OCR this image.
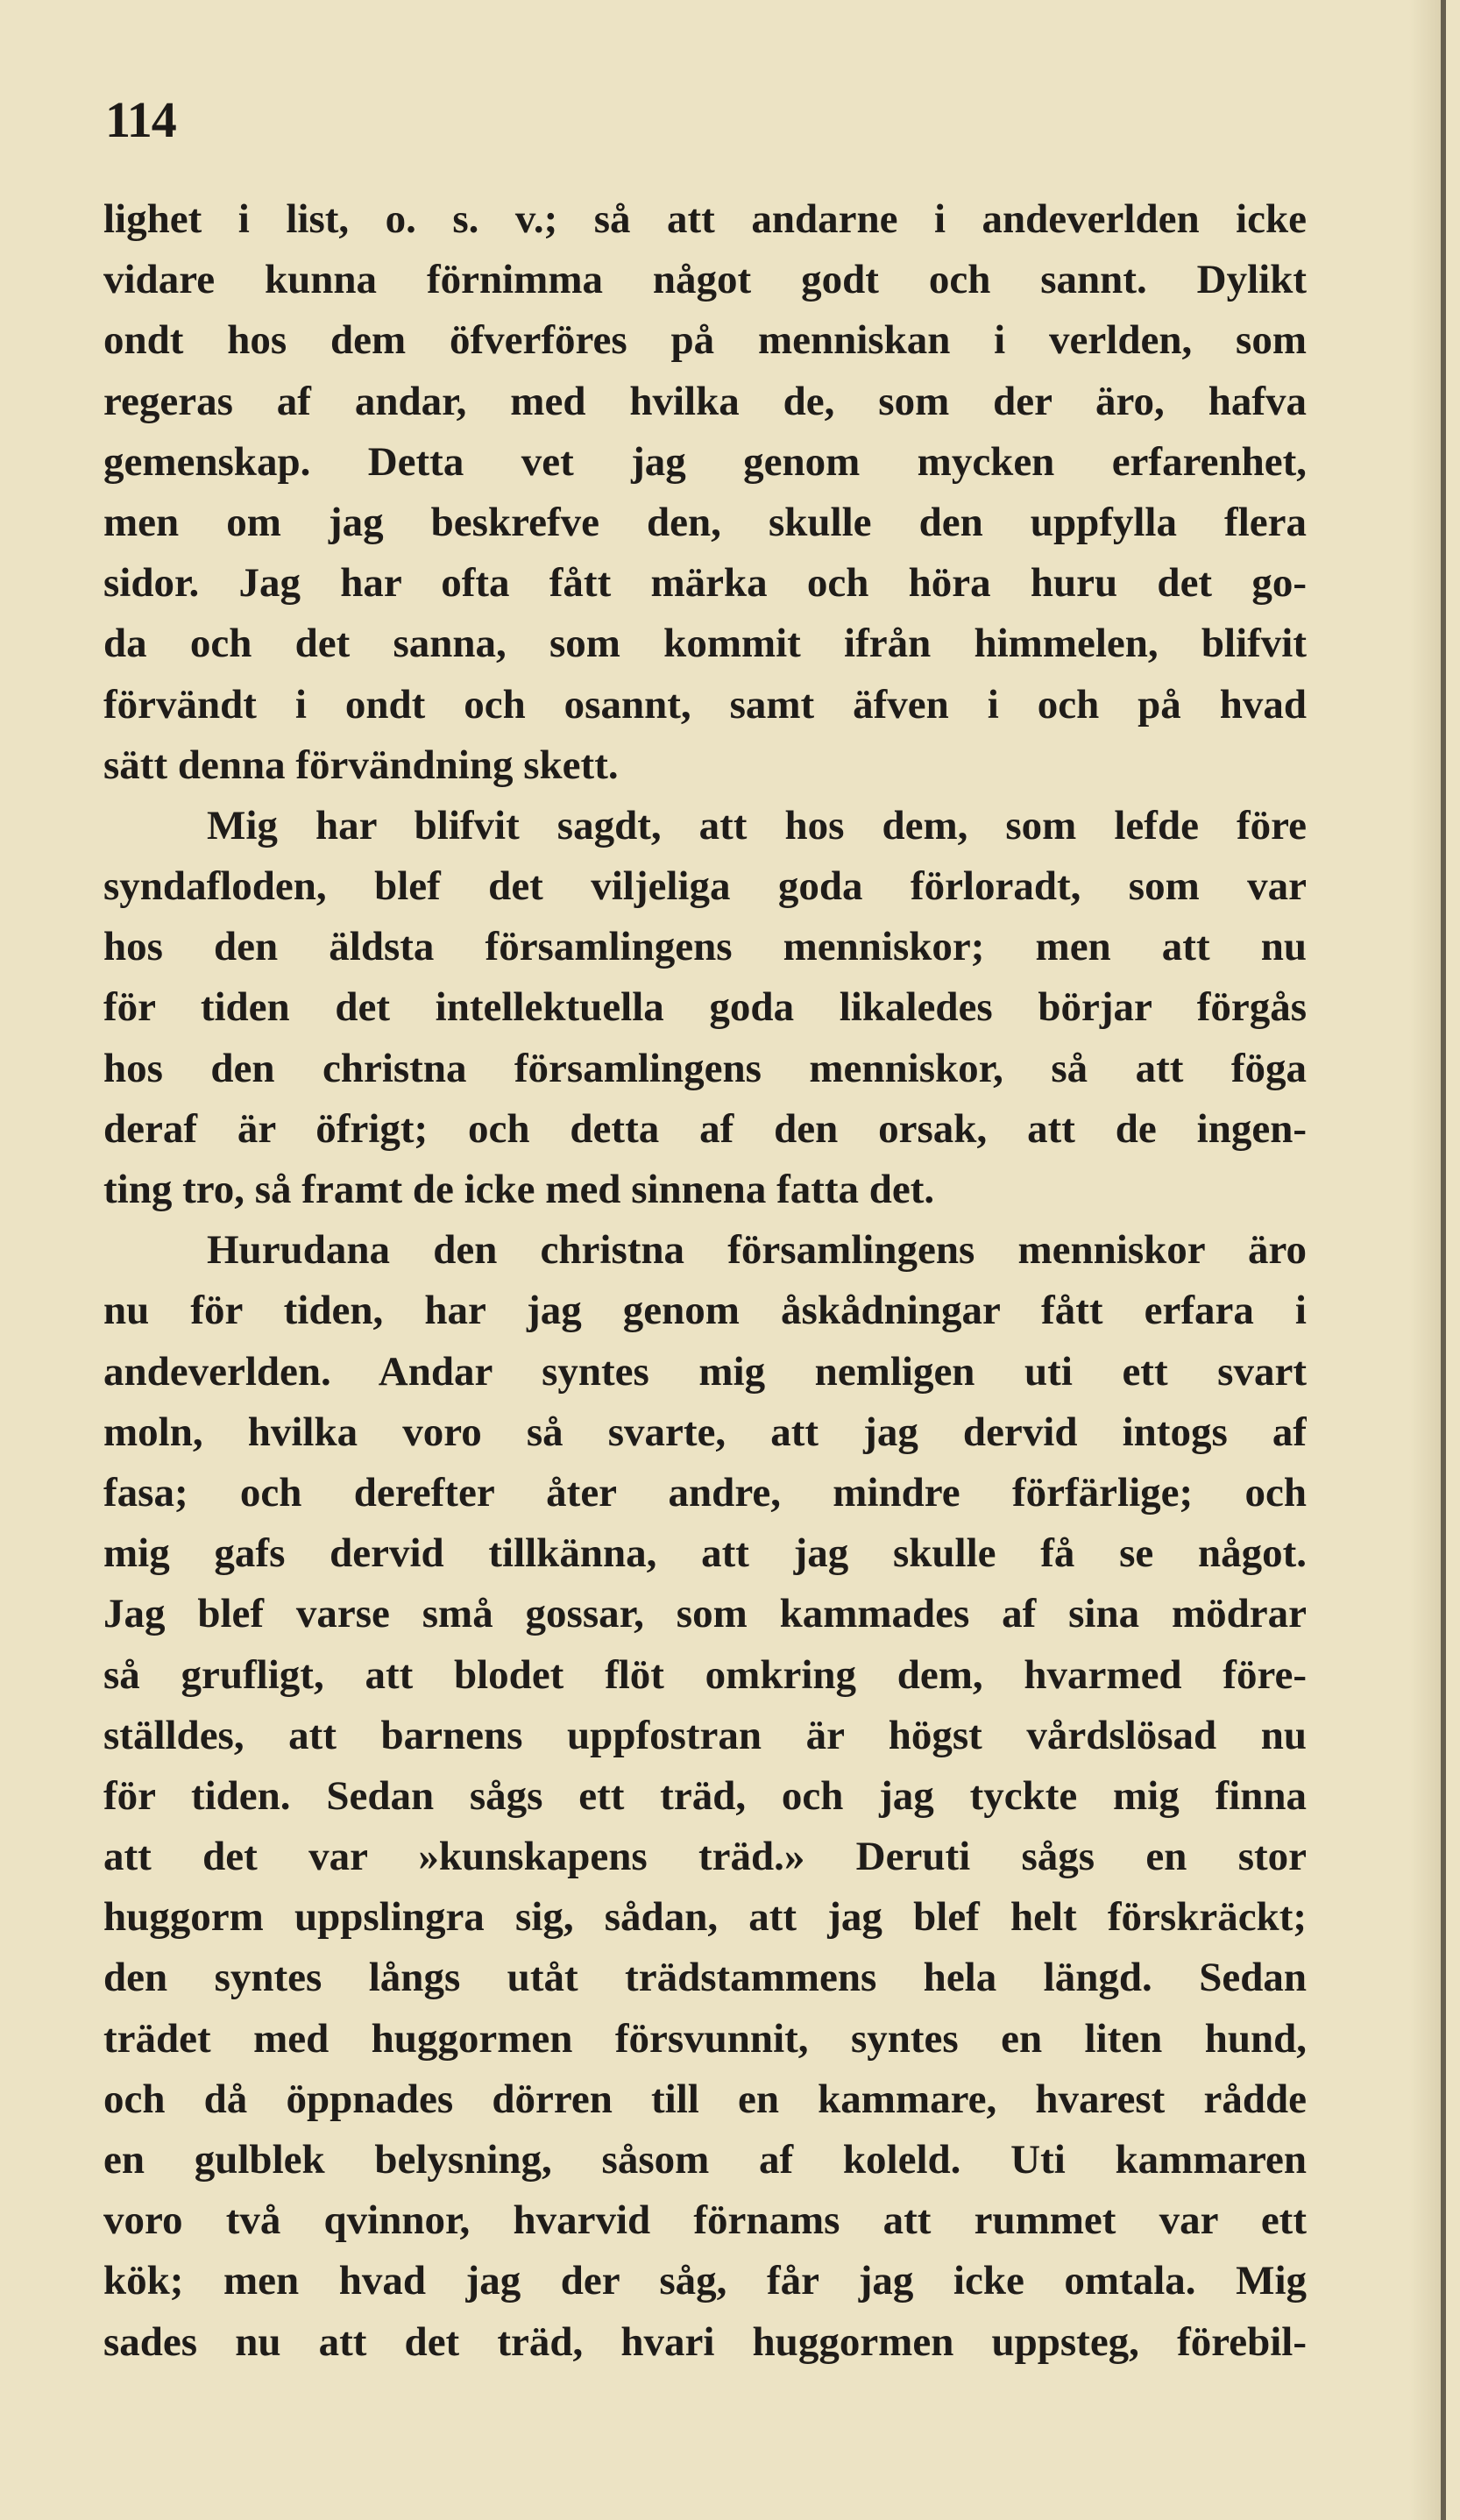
114
lighet i list, o. s. v.; så att andarne i andeverlden icke
vidare kunna förnimma något godt och sannt. Dylikt
ondt hos dem öfverföres på menniskan i verlden, som
regeras af andar, med hvilka de, som der äro, hafva
gemenskap. Detta vet jag genom mycken erfarenhet,
men om jag beskrefve den, skulle den uppfylla flera
sidor. Jag har ofta fått märka och höra huru det go-
da och det sanna, som kommit ifrån himmelen, blifvit
förvändt i ondt och osannt, samt äfven i och på hvad
sätt denna förvändning skett.
Mig har blifvit sagdt, att hos dem, som lefde före
syndafloden, blef det viljeliga goda förloradt, som var
hos den äldsta församlingens menniskor; men att nu
för tiden det intellektuella goda likaledes börjar förgås
hos den christna församlingens menniskor, så att föga
deraf är öfrigt; och detta af den orsak, att de ingen-
ting tro, så framt de icke med sinnena fatta det.
Hurudana den christna församlingens menniskor äro
nu för tiden, har jag genom åskådningar fått erfara i
andeverlden. Andar syntes mig nemligen uti ett svart
moln, hvilka voro så svarte, att jag dervid intogs af
fasa; och derefter åter andre, mindre förfärlige; och
mig gafs dervid tillkänna, att jag skulle få se något.
Jag blef varse små gossar, som kammades af sina mödrar
så grufligt, att blodet flöt omkring dem, hvarmed före-
ställdes, att barnens uppfostran är högst vårdslösad nu
för tiden. Sedan sågs ett träd, och jag tyckte mig finna
att det var »kunskapens träd.» Deruti sågs en stor
huggorm uppslingra sig, sådan, att jag blef helt förskräckt;
den syntes långs utåt trädstammens hela längd. Sedan
trädet med huggormen försvunnit, syntes en liten hund,
och då öppnades dörren till en kammare, hvarest rådde
en gulblek belysning, såsom af koleld. Uti kammaren
voro två qvinnor, hvarvid förnams att rummet var ett
kök; men hvad jag der såg, får jag icke omtala. Mig
sades nu att det träd, hvari huggormen uppsteg, förebil-
